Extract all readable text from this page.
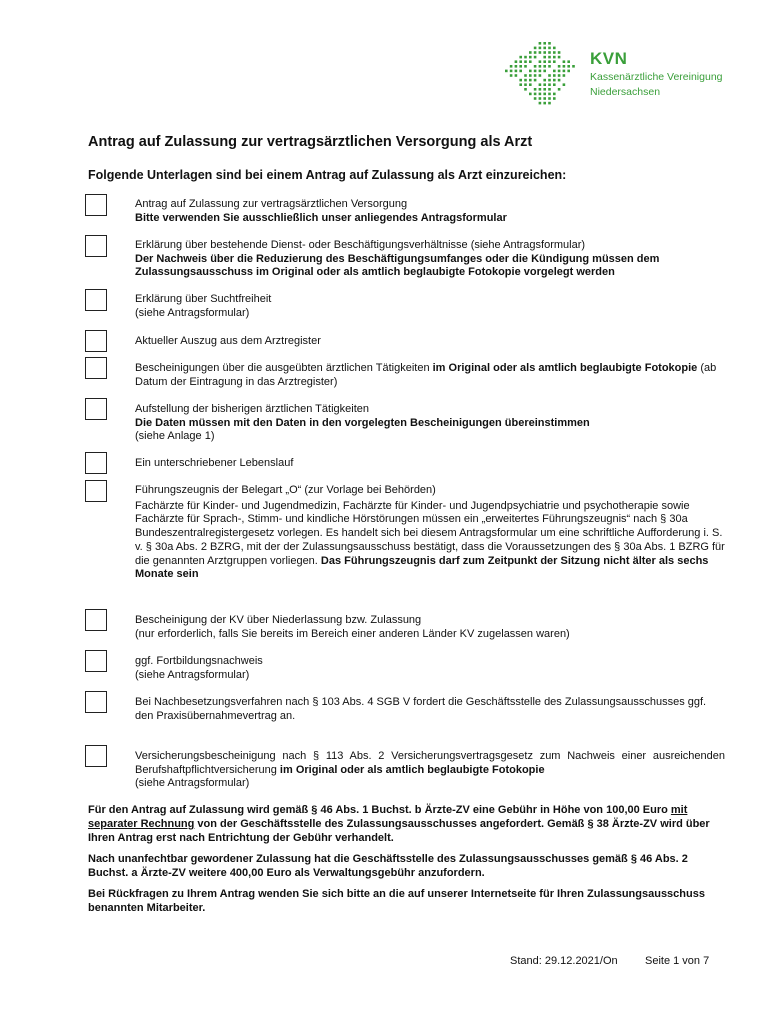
KVN
Kassenärztliche Vereinigung
Niedersachsen
Antrag auf Zulassung zur vertragsärztlichen Versorgung als Arzt
Folgende Unterlagen sind bei einem Antrag auf Zulassung als Arzt einzureichen:

Antrag auf Zulassung zur vertragsärztlichen Versorgung

Bitte verwenden Sie ausschließlich unser anliegendes Antragsformular

Erklärung über bestehende Dienst- oder Beschäftigungsverhältnisse (siehe Antragsformular)

Der Nachweis über die Reduzierung des Beschäftigungsumfanges oder die Kündigung müssen dem Zulassungsausschuss im Original oder als amtlich beglaubigte Fotokopie vorgelegt werden

Erklärung über Suchtfreiheit

(siehe Antragsformular)

Aktueller Auszug aus dem Arztregister

Bescheinigungen über die ausgeübten ärztlichen Tätigkeiten im Original oder als amtlich beglaubigte Fotokopie (ab Datum der Eintragung in das Arztregister)

Aufstellung der bisherigen ärztlichen Tätigkeiten

Die Daten müssen mit den Daten in den vorgelegten Bescheinigungen übereinstimmen

(siehe Anlage 1)

Ein unterschriebener Lebenslauf

Führungszeugnis der Belegart „O“ (zur Vorlage bei Behörden)

Fachärzte für Kinder- und Jugendmedizin, Fachärzte für Kinder- und Jugendpsychiatrie und psychotherapie sowie Fachärzte für Sprach-, Stimm- und kindliche Hörstörungen müssen ein „erweitertes Führungszeugnis“ nach § 30a Bundeszentralregistergesetz vorlegen. Es handelt sich bei diesem Antragsformular um eine schriftliche Aufforderung i. S. v. § 30a Abs. 2 BZRG, mit der der Zulassungsausschuss bestätigt, dass die Voraussetzungen des § 30a Abs. 1 BZRG für die genannten Arztgruppen vorliegen. Das Führungszeugnis darf zum Zeitpunkt der Sitzung nicht älter als sechs Monate sein

Bescheinigung der KV über Niederlassung bzw. Zulassung

(nur erforderlich, falls Sie bereits im Bereich einer anderen Länder KV zugelassen waren)

ggf. Fortbildungsnachweis

(siehe Antragsformular)

Bei Nachbesetzungsverfahren nach § 103 Abs. 4 SGB V fordert die Geschäftsstelle des Zulassungsausschusses ggf. den Praxisübernahmevertrag an.

Versicherungsbescheinigung nach § 113 Abs. 2 Versicherungsvertragsgesetz zum Nachweis einer ausreichenden Berufshaftpflichtversicherung im Original oder als amtlich beglaubigte Fotokopie

(siehe Antragsformular)

Für den Antrag auf Zulassung wird gemäß § 46 Abs. 1 Buchst. b Ärzte-ZV eine Gebühr in Höhe von 100,00 Euro mit separater Rechnung von der Geschäftsstelle des Zulassungsausschusses angefordert. Gemäß § 38 Ärzte-ZV wird über Ihren Antrag erst nach Entrichtung der Gebühr verhandelt.

Nach unanfechtbar gewordener Zulassung hat die Geschäftsstelle des Zulassungsausschusses gemäß § 46 Abs. 2 Buchst. a Ärzte-ZV weitere 400,00 Euro als Verwaltungsgebühr anzufordern.

Bei Rückfragen zu Ihrem Antrag wenden Sie sich bitte an die auf unserer Internetseite für Ihren Zulassungsausschuss benannten Mitarbeiter.

Stand: 29.12.2021/On Seite 1 von 7
